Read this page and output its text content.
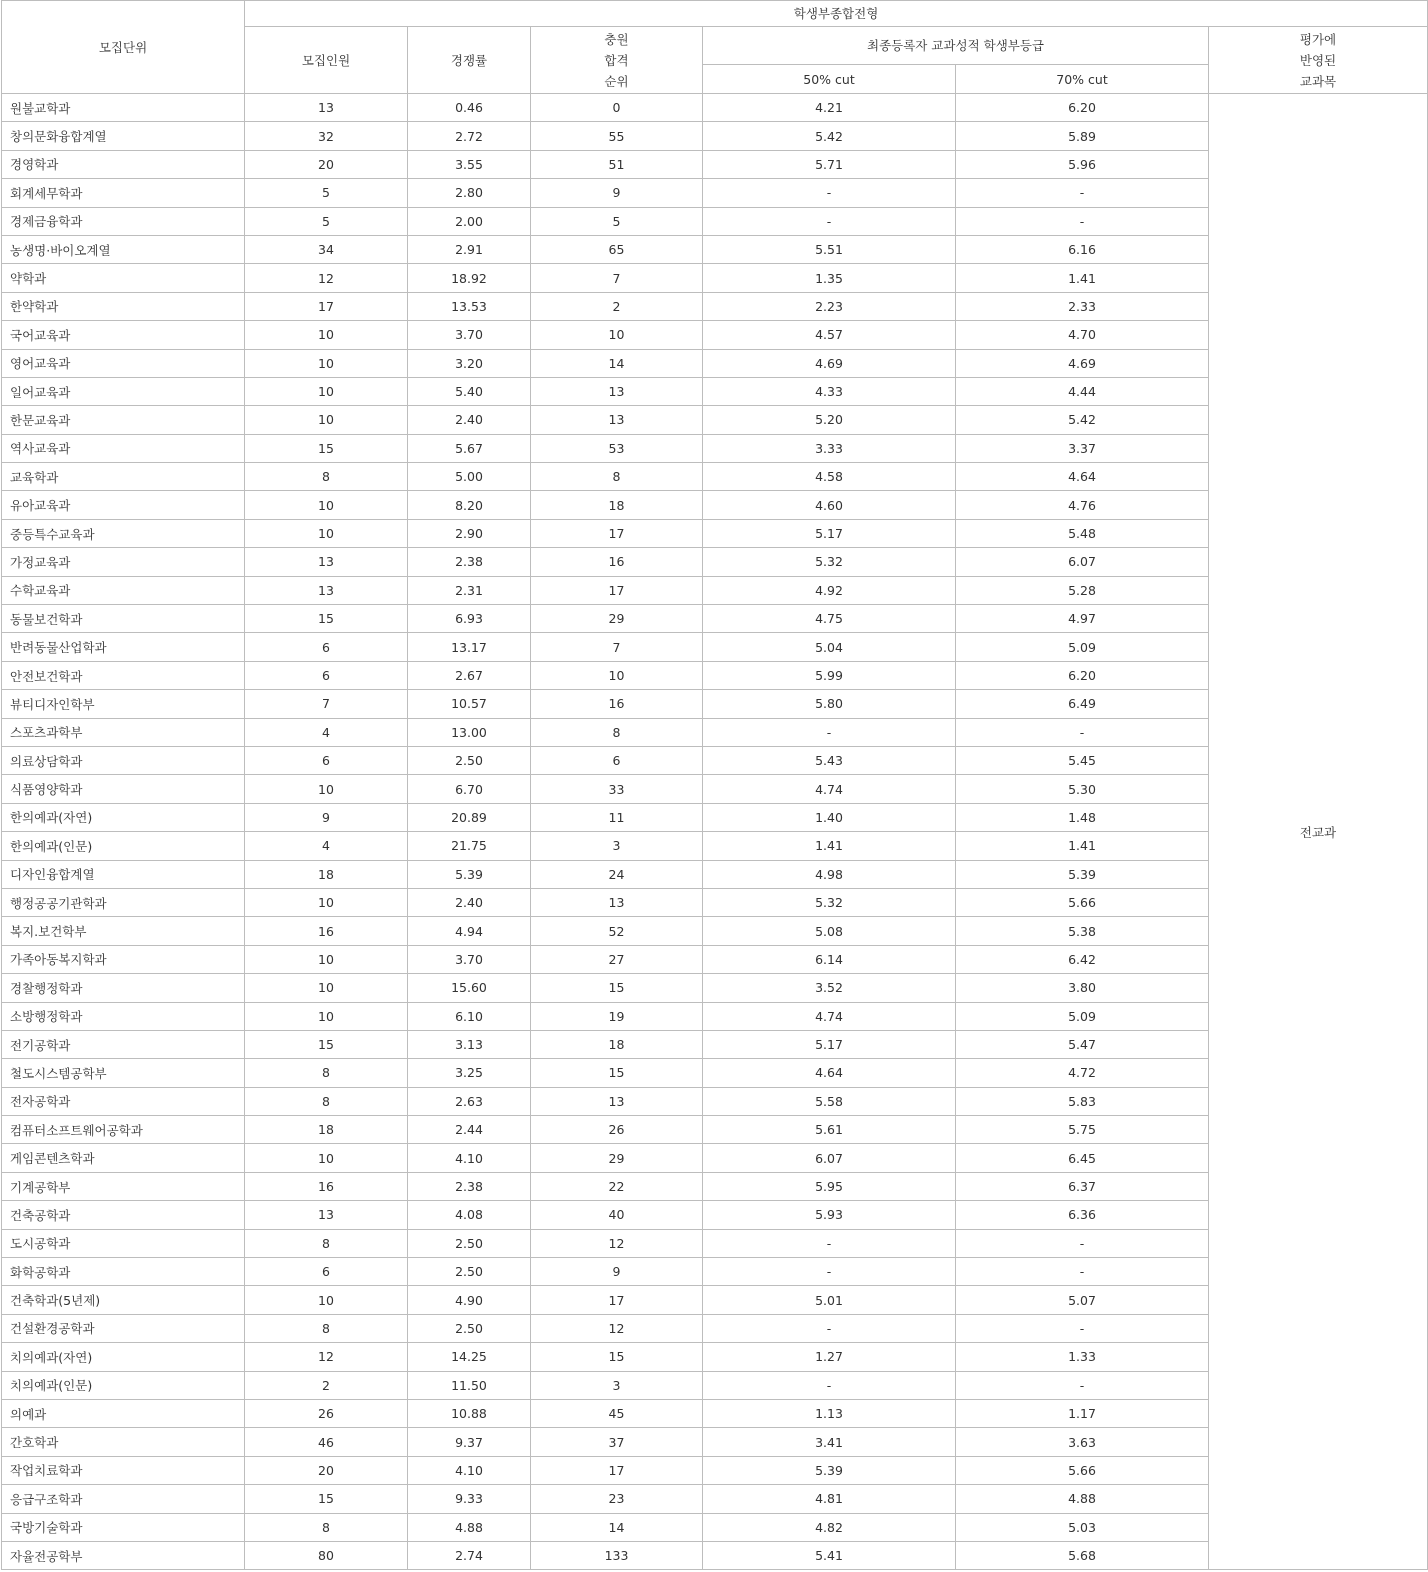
모집단위	학생부종합전형					
	모집인원	경쟁률	충원
합격
순위	최종등록자 교과성적 학생부등급		평가에
반영된
교과목

				50% cut	70% cut	
원불교학과	13	0.46	0	4.21	6.20	전교과
창의문화융합계열	32	2.72	55	5.42	5.89	
경영학과	20	3.55	51	5.71	5.96	
회계세무학과	5	2.80	9	-	-	
경제금융학과	5	2.00	5	-	-	
농생명·바이오계열	34	2.91	65	5.51	6.16	
약학과	12	18.92	7	1.35	1.41	
한약학과	17	13.53	2	2.23	2.33	
국어교육과	10	3.70	10	4.57	4.70	
영어교육과	10	3.20	14	4.69	4.69	
일어교육과	10	5.40	13	4.33	4.44	
한문교육과	10	2.40	13	5.20	5.42	
역사교육과	15	5.67	53	3.33	3.37	
교육학과	8	5.00	8	4.58	4.64	
유아교육과	10	8.20	18	4.60	4.76	
중등특수교육과	10	2.90	17	5.17	5.48	
가정교육과	13	2.38	16	5.32	6.07	
수학교육과	13	2.31	17	4.92	5.28	
동물보건학과	15	6.93	29	4.75	4.97	
반려동물산업학과	6	13.17	7	5.04	5.09	
안전보건학과	6	2.67	10	5.99	6.20	
뷰티디자인학부	7	10.57	16	5.80	6.49	
스포츠과학부	4	13.00	8	-	-	
의료상담학과	6	2.50	6	5.43	5.45	
식품영양학과	10	6.70	33	4.74	5.30	
한의예과(자연)	9	20.89	11	1.40	1.48	
한의예과(인문)	4	21.75	3	1.41	1.41	
디자인융합계열	18	5.39	24	4.98	5.39	
행정공공기관학과	10	2.40	13	5.32	5.66	
복지.보건학부	16	4.94	52	5.08	5.38	
가족아동복지학과	10	3.70	27	6.14	6.42	
경찰행정학과	10	15.60	15	3.52	3.80	
소방행정학과	10	6.10	19	4.74	5.09	
전기공학과	15	3.13	18	5.17	5.47	
철도시스템공학부	8	3.25	15	4.64	4.72	
전자공학과	8	2.63	13	5.58	5.83	
컴퓨터소프트웨어공학과	18	2.44	26	5.61	5.75	
게임콘텐츠학과	10	4.10	29	6.07	6.45	
기계공학부	16	2.38	22	5.95	6.37	
건축공학과	13	4.08	40	5.93	6.36	
도시공학과	8	2.50	12	-	-	
화학공학과	6	2.50	9	-	-	
건축학과(5년제)	10	4.90	17	5.01	5.07	
건설환경공학과	8	2.50	12	-	-	
치의예과(자연)	12	14.25	15	1.27	1.33	
치의예과(인문)	2	11.50	3	-	-	
의예과	26	10.88	45	1.13	1.17	
간호학과	46	9.37	37	3.41	3.63	
작업치료학과	20	4.10	17	5.39	5.66	
응급구조학과	15	9.33	23	4.81	4.88	
국방기술학과	8	4.88	14	4.82	5.03	
자율전공학부	80	2.74	133	5.41	5.68	
